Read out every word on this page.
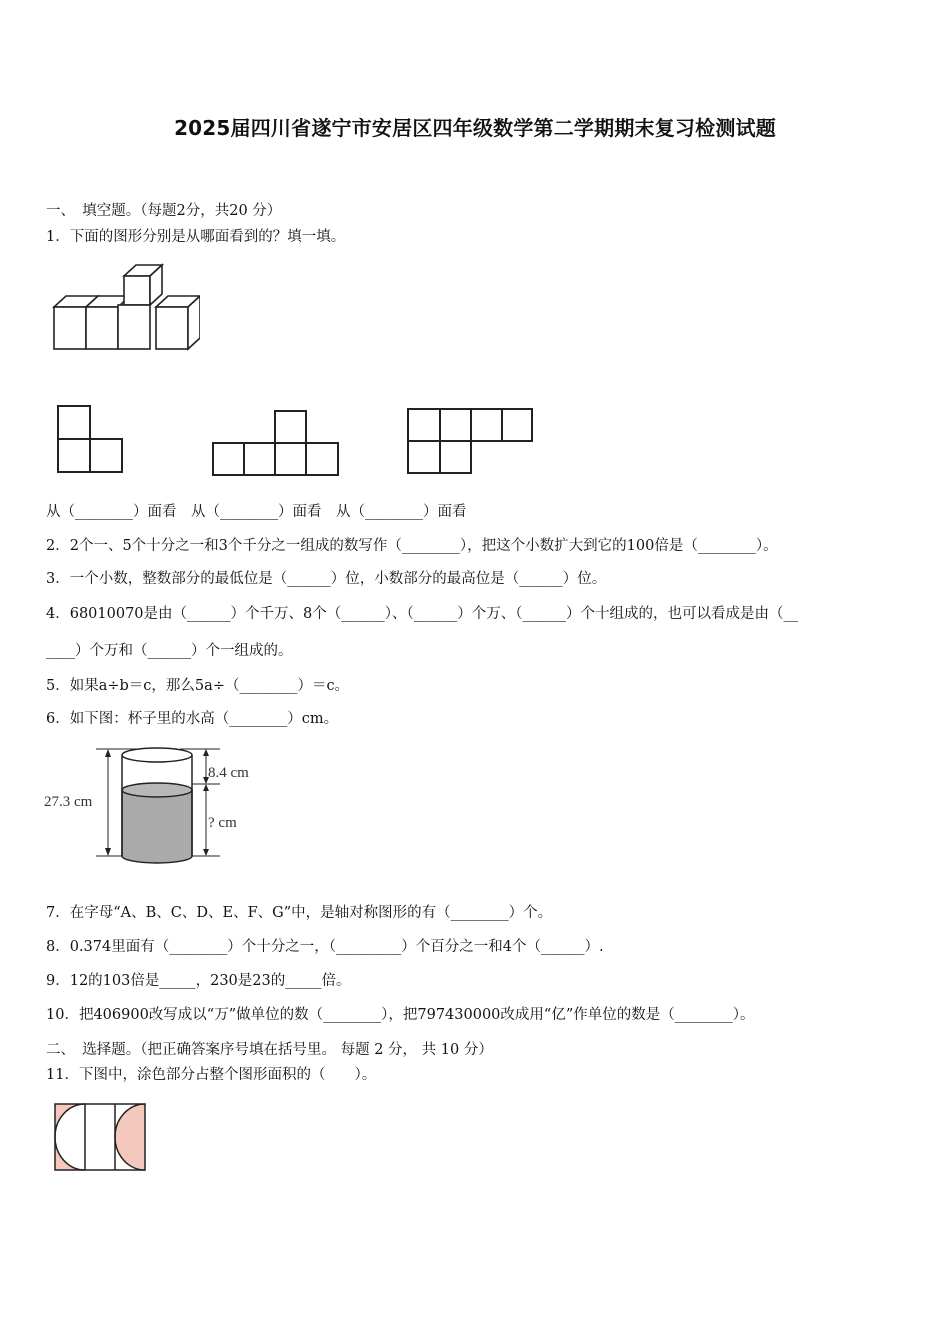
2025届四川省遂宁市安居区四年级数学第二学期期末复习检测试题
一、　填空题。（每题2分，共20 分）
1．下面的图形分别是从哪面看到的？填一填。
从（________）面看　从（________）面看　从（________）面看
2．2个一、5个十分之一和3个千分之一组成的数写作（________），把这个小数扩大到它的100倍是（________）。
3．一个小数，整数部分的最低位是（______）位，小数部分的最高位是（______）位。
4．68010070是由（______）个千万、8个（______）、（______）个万、（______）个十组成的，也可以看成是由（__
____）个万和（______）个一组成的。
5．如果a÷b＝c，那么5a÷（________）＝c。
6．如下图：杯子里的水高（________）cm。
27.3 cm
8.4 cm
? cm
7．在字母“A、B、C、D、E、F、G”中，是轴对称图形的有（________）个。
8．0.374里面有（________）个十分之一，（_________）个百分之一和4个（______）.
9．12的103倍是_____，230是23的_____倍。
10．把406900改写成以“万”做单位的数（________），把797430000改成用“亿”作单位的数是（________）。
二、　选择题。（把正确答案序号填在括号里。 每题 2 分， 共 10 分）
11．下图中，涂色部分占整个图形面积的（　　）。
